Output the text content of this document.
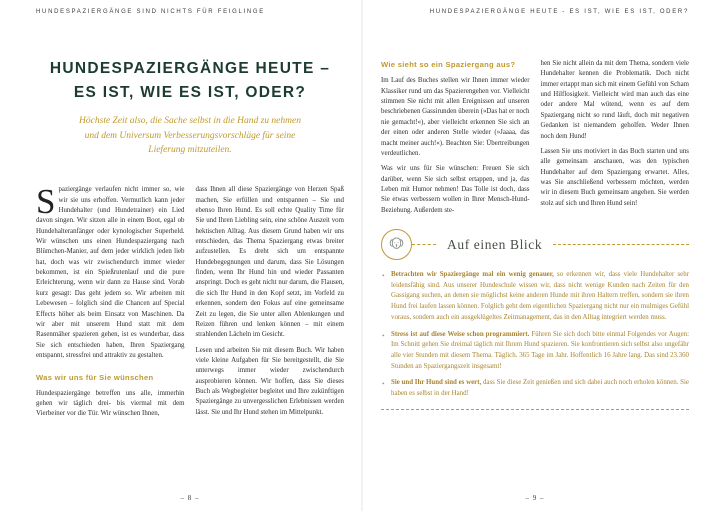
HUNDESPAZIERGÄNGE SIND NICHTS FÜR FEIGLINGE
HUNDESPAZIERGÄNGE HEUTE –
ES IST, WIE ES IST, ODER?
Höchste Zeit also, die Sache selbst in die Hand zu nehmen und dem Universum Verbesserungsvorschläge für seine Lieferung mitzuteilen.

Spaziergänge verlaufen nicht immer so, wie wir sie uns erhoffen. Vermutlich kann jeder Hundehalter (und Hundetrainer) ein Lied davon singen. Wir sitzen alle in einem Boot, egal ob Hundehalteranfänger oder kynologischer Superheld. Wir wünschen uns einen Hundespaziergang nach Blümchen-Manier, auf dem jeder wirklich jeden lieb hat, doch was wir zwischendurch immer wieder bekommen, ist ein Spießrutenlauf und die pure Erleichterung, wenn wir dann zu Hause sind. Vorab kurz gesagt: Das geht jedem so. Wir arbeiten mit Lebewesen – folglich sind die Chancen auf Special Effects höher als beim Einsatz von Maschinen. Da wir aber mit unserem Hund statt mit dem Rasenmäher spazieren gehen, ist es wunderbar, dass Sie sich entschieden haben, Ihren Spaziergang entspannt, stressfrei und attraktiv zu gestalten.

Was wir uns für Sie wünschen

Hundespaziergänge betreffen uns alle, immerhin gehen wir täglich drei- bis viermal mit dem Vierbeiner vor die Tür. Wir wünschen Ihnen,

dass Ihnen all diese Spaziergänge von Herzen Spaß machen, Sie erfüllen und entspannen – Sie und ebenso Ihren Hund. Es soll echte Quality Time für Sie und Ihren Liebling sein, eine schöne Auszeit vom hektischen Alltag. Aus diesem Grund haben wir uns entschieden, das Thema Spaziergang etwas breiter aufzustellen. Es dreht sich um entspannte Hundebegegnungen und darum, dass Sie Lösungen finden, wenn Ihr Hund hin und wieder Passanten anspringt. Doch es geht nicht nur darum, die Flausen, die sich Ihr Hund in den Kopf setzt, im Vorfeld zu erkennen, sondern den Fokus auf eine gemeinsame Zeit zu legen, die Sie unter allen Ablenkungen und Reizen führen und lenken können – mit einem strahlenden Lächeln im Gesicht.

Lesen und arbeiten Sie mit diesem Buch. Wir haben viele kleine Aufgaben für Sie bereitgestellt, die Sie unterwegs immer wieder zwischendurch ausprobieren können. Wir hoffen, dass Sie dieses Buch als Wegbegleiter begleitet und Ihre zukünftigen Spaziergänge zu unvergesslichen Erlebnissen werden lässt. Sie und Ihr Hund stehen im Mittelpunkt.

– 8 –
HUNDESPAZIERGÄNGE HEUTE - ES IST, WIE ES IST, ODER?
Wie sieht so ein Spaziergang aus?

Im Lauf des Buches stellen wir Ihnen immer wieder Klassiker rund um das Spazierengehen vor. Vielleicht stimmen Sie nicht mit allen Ereignissen auf unseren beschriebenen Gassirunden überein (»Das hat er noch nie gemacht!«), aber vielleicht erkennen Sie sich an der einen oder anderen Stelle wieder (»Jaaaa, das macht meiner auch!«). Beachten Sie: Übertreibungen verdeutlichen.

Was wir uns für Sie wünschen: Freuen Sie sich darüber, wenn Sie sich selbst ertappen, und ja, das Leben mit Humor nehmen! Das Tolle ist doch, dass Sie etwas verbessern wollen in Ihrer Mensch-Hund-Beziehung. Außerdem ste-

hen Sie nicht allein da mit dem Thema, sondern viele Hundehalter kennen die Problematik. Doch nicht immer ertappt man sich mit einem Gefühl von Scham und Hilflosigkeit. Vielleicht wird man auch das eine oder andere Mal wütend, wenn es auf dem Spaziergang nicht so rund läuft, doch mit negativen Gedanken ist niemandem geholfen. Weder Ihnen noch dem Hund!

Lassen Sie uns motiviert in das Buch starten und uns alle gemeinsam anschauen, was den typischen Hundehalter auf dem Spaziergang erwartet. Alles, was Sie anschließend verbessern möchten, werden wir in diesem Buch gemeinsam angehen. Sie werden stolz auf sich und Ihren Hund sein!

Auf einen Blick
• Betrachten wir Spaziergänge mal ein wenig genauer, so erkennen wir, dass viele Hundehalter sehr leidensfähig sind. Aus unserer Hundeschule wissen wir, dass nicht wenige Kunden nach Zeiten für den Gassigang suchen, an denen sie möglichst keine anderen Hunde mit ihren Haltern treffen, sondern sie ihren Hund frei laufen lassen können. Folglich geht dem eigentlichen Spaziergang nicht nur ein mulmiges Gefühl voraus, sondern auch ein ausgeklügeltes Zeitmanagement, das in den Alltag integriert werden muss.
• Stress ist auf diese Weise schon programmiert. Führen Sie sich doch bitte einmal Folgendes vor Augen: Im Schnitt gehen Sie dreimal täglich mit Ihrem Hund spazieren. Sie konfrontieren sich selbst also ungefähr alle vier Stunden mit diesem Thema. Täglich. 365 Tage im Jahr. Hoffentlich 16 Jahre lang. Das sind 23.360 Stunden an Spaziergangszeit insgesamt!
• Sie und Ihr Hund sind es wert, dass Sie diese Zeit genießen und sich dabei auch noch erholen können. Sie haben es selbst in der Hand!
– 9 –
